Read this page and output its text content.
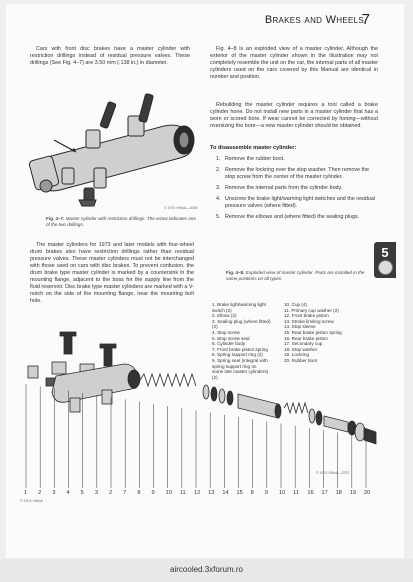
Brakes and Wheels
7

Cars with front disc brakes have a master cylinder with restriction drillings instead of residual pressure valves. These drillings (See Fig. 4–7) are 3.50 mm (.138 in.) in diameter.

© 1974 VWoA—3036
Fig. 4–7. Master cylinder with restriction drillings. The arrow indicates one of the two drillings.

The master cylinders for 1973 and later models with four-wheel drum brakes also have restriction drillings rather than residual pressure valves. These master cylinders must not be interchanged with those used on cars with disc brakes. To prevent confusion, the drum brake type master cylinder is marked by a countersink in the mounting flange, adjacent to the boss for the supply line from the fluid reservoir. Disc brake type master cylinders are marked with a V-notch on the side of the mounting flange, near the mounting bolt hole.

Fig. 4–8 is an exploded view of a master cylinder. Although the exterior of the master cylinder shown in the illustration may not completely resemble the unit on the car, the internal parts of all master cylinders used on the cars covered by this Manual are identical in number and position.

Rebuilding the master cylinder requires a tool called a brake cylinder hone. Do not install new parts in a master cylinder that has a worn or scored bore. If wear cannot be corrected by honing—without oversizing the bore—a new master cylinder should be obtained.

To disassemble master cylinder:
1. Remove the rubber boot.
2. Remove the lockring over the stop washer. Then remove the stop screw from the center of the master cylinder.
3. Remove the internal parts from the cylinder body.
4. Unscrew the brake light/warning light switches and the residual pressure valves (where fitted).
5. Remove the elbows and (where fitted) the sealing plugs.
Fig. 4–8. Exploded view of master cylinder. Parts are installed in the same positions on all types.
1. Brake light/warning light
switch (2)
2. Elbow (2)
3. Sealing plug (where fitted)
(2)
4. Stop screw
5. Stop screw seal
6. Cylinder body
7. Front brake piston spring
8. Spring support ring (2)
9. Spring seat (integral with
spring support ring on
some late master cylinders)
(2)
10. Cup (4)
11. Primary cup washer (2)
12. Front brake piston
13. Stroke limiting screw
14. Stop sleeve
15. Rear brake piston spring
16. Rear brake piston
17. Secondary cup
18. Stop washer
19. Lockring
20. Rubber boot
© 1974 VWoA—3737
1 2 3 4 5 3 2 7 8 9 10 11 12 13 14 15 8 9 10 11 16 17 18 19 20
© 1974 VWoA
5
aircooled.3xforum.ro
